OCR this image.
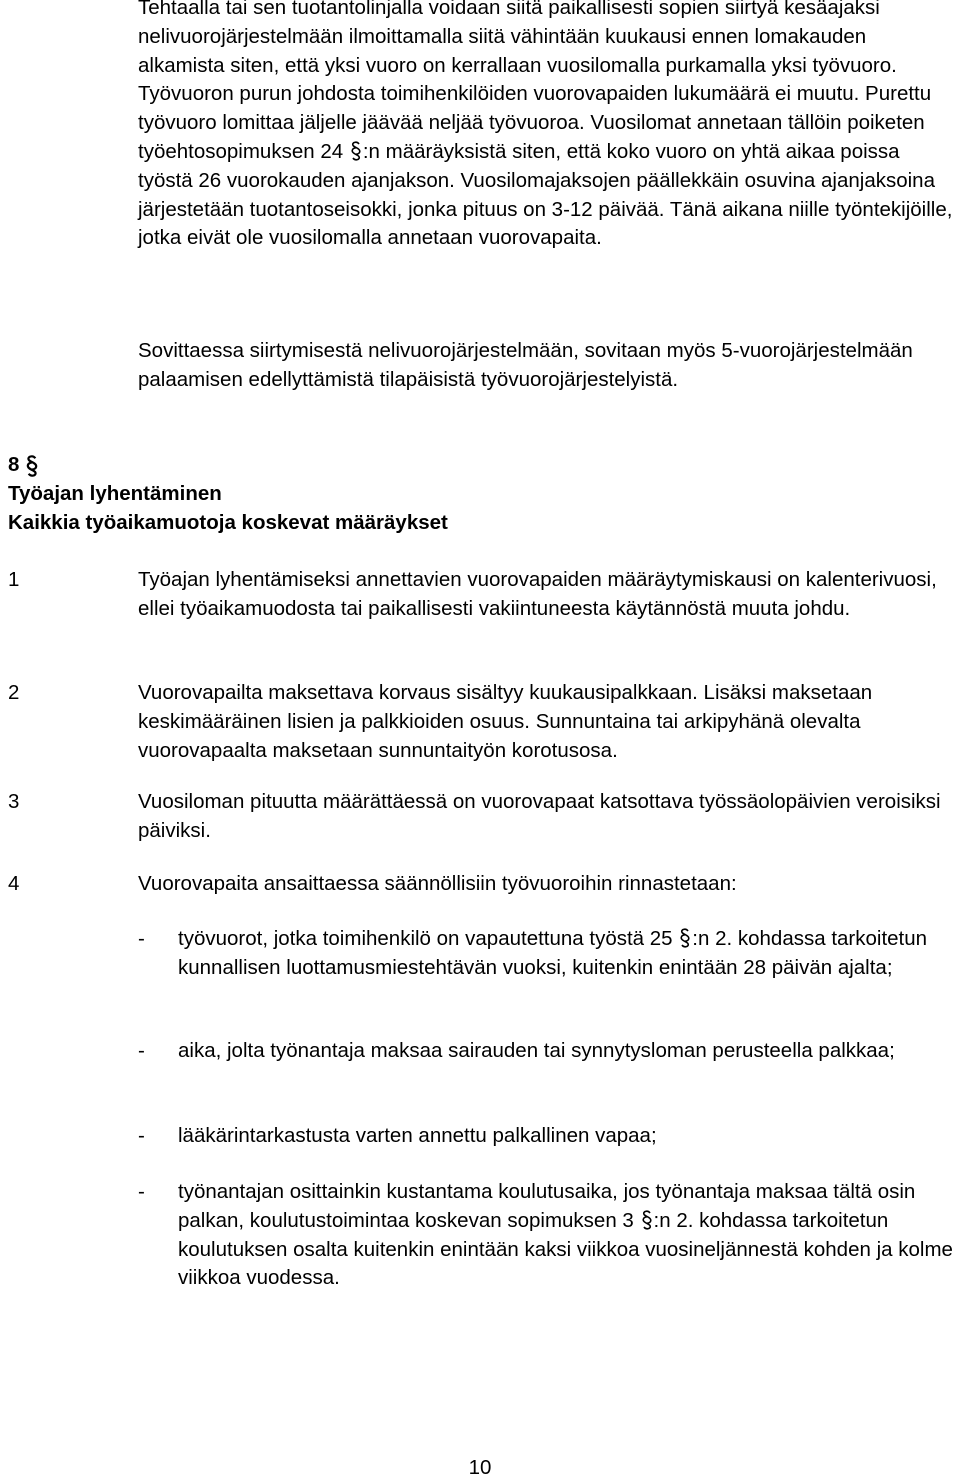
Tehtaalla tai sen tuotantolinjalla voidaan siitä paikallisesti sopien siirtyä kesäajaksi nelivuorojärjestelmään ilmoittamalla siitä vähintään kuukausi ennen lomakauden alkamista siten, että yksi vuoro on kerrallaan vuosilomalla purkamalla yksi työvuoro. Työvuoron purun johdosta toimihenkilöiden vuorovapaiden lukumäärä ei muutu. Purettu työvuoro lomittaa jäljelle jäävää neljää työvuoroa. Vuosilomat annetaan tällöin poiketen työehtosopimuksen 24 :n määräyksistä siten, että koko vuoro on yhtä aikaa poissa työstä 26 vuorokauden ajanjakson. Vuosilomajaksojen päällekkäin osuvina ajanjaksoina järjestetään tuotantoseisokki, jonka pituus on 3-12 päivää. Tänä aikana niille työntekijöille, jotka eivät ole vuosilomalla annetaan vuorovapaita.

Sovittaessa siirtymisestä nelivuorojärjestelmään, sovitaan myös 5-vuorojärjestelmään palaamisen edellyttämistä tilapäisistä työvuorojärjestelyistä.

8
Työajan lyhentäminen
Kaikkia työaikamuotoja koskevat määräykset
1	Työajan lyhentämiseksi annettavien vuorovapaiden määräytymiskausi on kalenterivuosi, ellei työaikamuodosta tai paikallisesti vakiintuneesta käytännöstä muuta johdu.
2	Vuorovapailta maksettava korvaus sisältyy kuukausipalkkaan. Lisäksi maksetaan keskimääräinen lisien ja palkkioiden osuus. Sunnuntaina tai arkipyhänä olevalta vuorovapaalta maksetaan sunnuntaityön korotusosa.
3	Vuosiloman pituutta määrättäessä on vuorovapaat katsottava työssäolopäivien veroisiksi päiviksi.
4	Vuorovapaita ansaittaessa säännöllisiin työvuoroihin rinnastetaan:
- työvuorot, jotka toimihenkilö on vapautettuna työstä 25 :n 2. kohdassa tarkoitetun kunnallisen luottamusmiestehtävän vuoksi, kuitenkin enintään 28 päivän ajalta;
- aika, jolta työnantaja maksaa sairauden tai synnytysloman perusteella palkkaa;
- lääkärintarkastusta varten annettu palkallinen vapaa;
- työnantajan osittainkin kustantama koulutusaika, jos työnantaja maksaa tältä osin palkan, koulutustoimintaa koskevan sopimuksen 3 :n 2. kohdassa tarkoitetun koulutuksen osalta kuitenkin enintään kaksi viikkoa vuosineljännestä kohden ja kolme viikkoa vuodessa.
10
